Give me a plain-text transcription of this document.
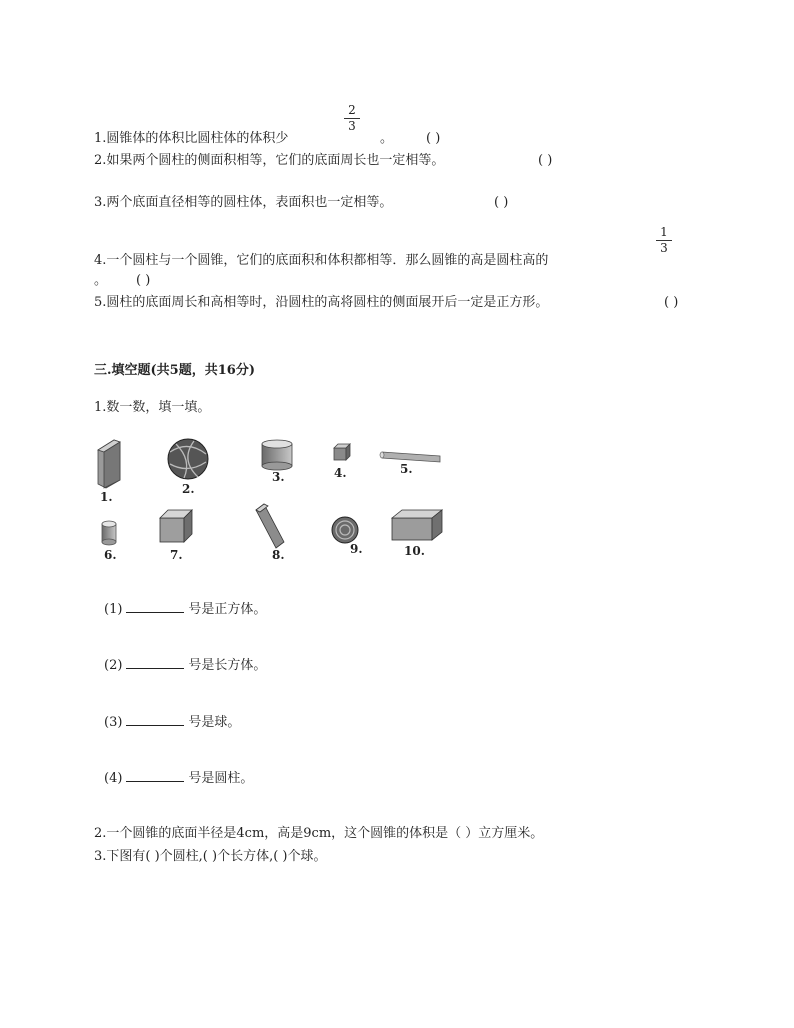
1.圆锥体的体积比圆柱体的体积少
2
3
。	( )
2.如果两个圆柱的侧面积相等，它们的底面周长也一定相等。	( )
3.两个底面直径相等的圆柱体，表面积也一定相等。	( )
4.一个圆柱与一个圆锥，它们的底面积和体积都相等．那么圆锥的高是圆柱高的
1
3
。 ( )
5.圆柱的底面周长和高相等时，沿圆柱的高将圆柱的侧面展开后一定是正方形。	( )
三.填空题(共5题，共16分)
1.数一数，填一填。
1.
2.
3.	4.	5.
6.	7.	8.	9.	10.
(1)	号是正方体。
(2)	号是长方体。
(3)	号是球。
(4)	号是圆柱。
2.一个圆锥的底面半径是4cm，高是9cm，这个圆锥的体积是（ ）立方厘米。
3.下图有( )个圆柱,( )个长方体,( )个球。
